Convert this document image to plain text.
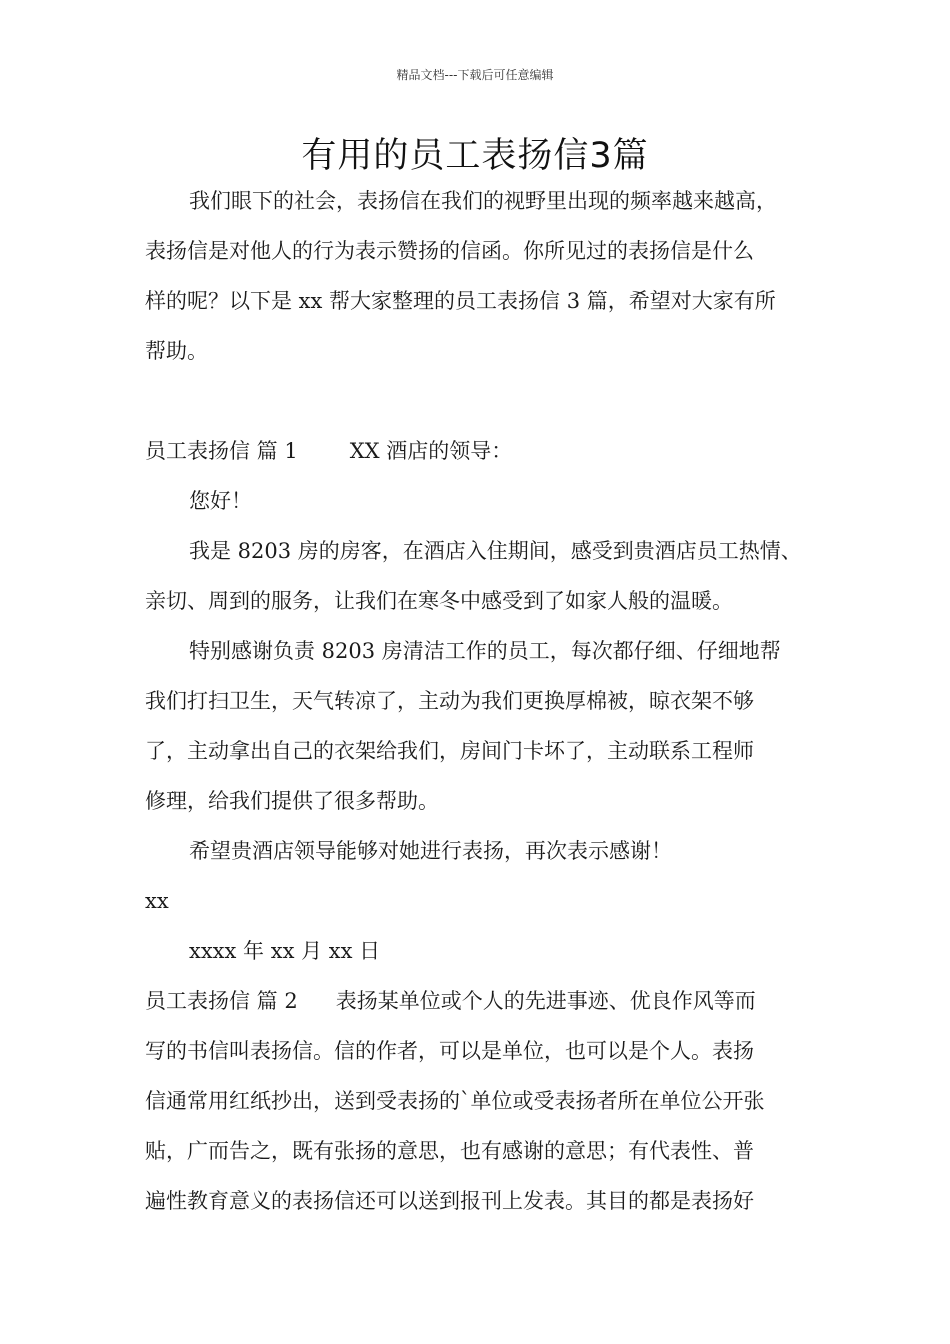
精品文档---下载后可任意编辑
有用的员工表扬信3篇
我们眼下的社会，表扬信在我们的视野里出现的频率越来越高，
表扬信是对他人的行为表示赞扬的信函。你所见过的表扬信是什么
样的呢？以下是 xx 帮大家整理的员工表扬信 3 篇，希望对大家有所
帮助。
员工表扬信 篇 1 XX 酒店的领导：
您好！
我是 8203 房的房客，在酒店入住期间，感受到贵酒店员工热情、
亲切、周到的服务，让我们在寒冬中感受到了如家人般的温暖。
特别感谢负责 8203 房清洁工作的员工，每次都仔细、仔细地帮
我们打扫卫生，天气转凉了，主动为我们更换厚棉被，晾衣架不够
了，主动拿出自己的衣架给我们，房间门卡坏了，主动联系工程师
修理，给我们提供了很多帮助。
希望贵酒店领导能够对她进行表扬，再次表示感谢！
xx
xxxx 年 xx 月 xx 日
员工表扬信 篇 2 表扬某单位或个人的先进事迹、优良作风等而
写的书信叫表扬信。信的作者，可以是单位，也可以是个人。表扬
信通常用红纸抄出，送到受表扬的`单位或受表扬者所在单位公开张
贴，广而告之，既有张扬的意思，也有感谢的意思；有代表性、普
遍性教育意义的表扬信还可以送到报刊上发表。其目的都是表扬好
